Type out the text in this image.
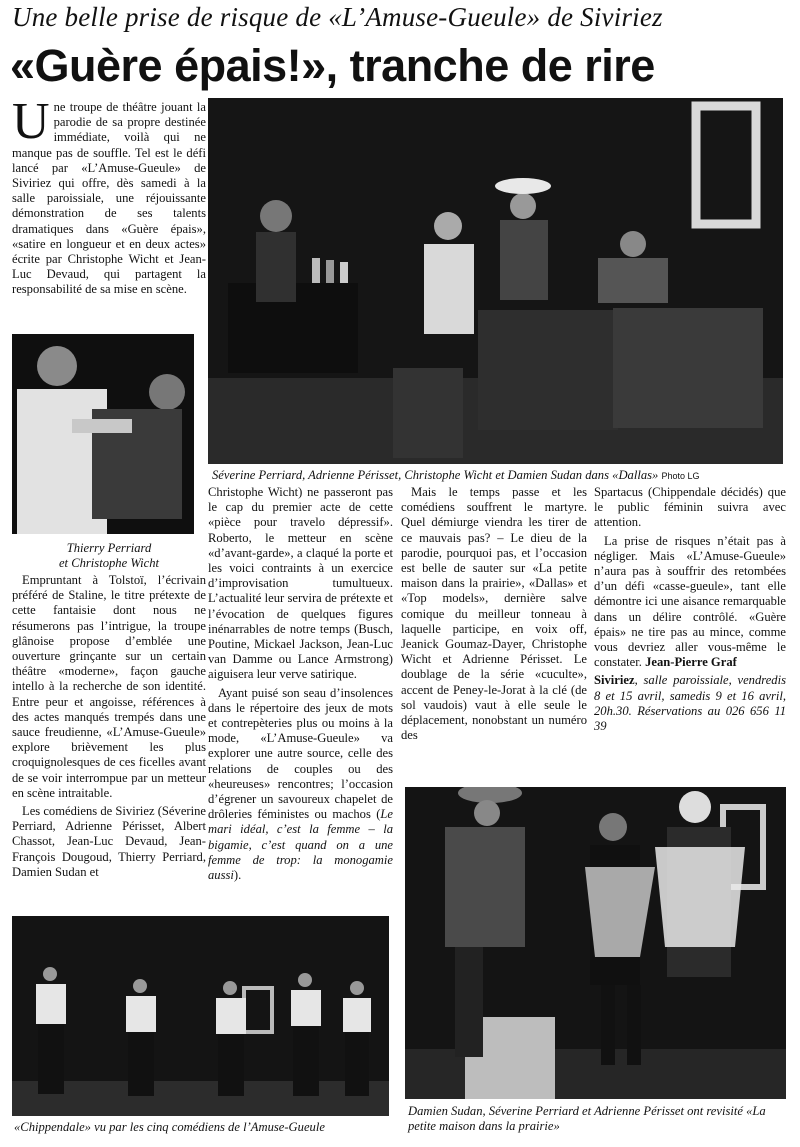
Une belle prise de risque de «L’Amuse-Gueule» de Siviriez
«Guère épais!», tranche de rire
Une troupe de théâtre jouant la parodie de sa propre destinée immédiate, voilà qui ne manque pas de souffle. Tel est le défi lancé par «L’Amuse-Gueule» de Siviriez qui offre, dès samedi à la salle paroissiale, une réjouissante démonstration de ses talents dramatiques dans «Guère épais», «satire en longueur et en deux actes» écrite par Christophe Wicht et Jean-Luc Devaud, qui partagent la responsabilité de sa mise en scène.
Séverine Perriard, Adrienne Périsset, Christophe Wicht et Damien Sudan dans «Dallas» Photo LG
Thierry Perriard
et Christophe Wicht

Empruntant à Tolstoï, l’écrivain préféré de Staline, le titre prétexte de cette fantaisie dont nous ne résumerons pas l’intrigue, la troupe glânoise propose d’emblée une ouverture grinçante sur un certain théâtre «moderne», façon gauche intello à la recherche de son identité. Entre peur et angoisse, références à des actes manqués trempés dans une sauce freudienne, «L’Amuse-Gueule» explore brièvement les plus croquignolesques de ces ficelles avant de se voir interrompue par un metteur en scène intraitable.

Les comédiens de Siviriez (Séverine Perriard, Adrienne Périsset, Albert Chassot, Jean-Luc Devaud, Jean-François Dougoud, Thierry Perriard, Damien Sudan et

Christophe Wicht) ne passeront pas le cap du premier acte de cette «pièce pour travelo dépressif». Roberto, le metteur en scène «d’avant-garde», a claqué la porte et les voici contraints à un exercice d’improvisation tumultueux. L’actualité leur servira de prétexte et l’évocation de quelques figures inénarrables de notre temps (Busch, Poutine, Mickael Jackson, Jean-Luc van Damme ou Lance Armstrong) aiguisera leur verve satirique.

Ayant puisé son seau d’insolences dans le répertoire des jeux de mots et contrepèteries plus ou moins à la mode, «L’Amuse-Gueule» va explorer une autre source, celle des relations de couples ou des «heureuses» rencontres; l’occasion d’égrener un savoureux chapelet de drôleries féministes ou machos (Le mari idéal, c’est la femme – la bigamie, c’est quand on a une femme de trop: la monogamie aussi).

Mais le temps passe et les comédiens souffrent le martyre. Quel démiurge viendra les tirer de ce mauvais pas? – Le dieu de la parodie, pourquoi pas, et l’occasion est belle de sauter sur «La petite maison dans la prairie», «Dallas» et «Top models», dernière salve comique du meilleur tonneau à laquelle participe, en voix off, Jeanick Goumaz-Dayer, Christophe Wicht et Adrienne Périsset. Le doublage de la série «cuculte», accent de Peney-le-Jorat à la clé (de sol vaudois) vaut à elle seule le déplacement, nonobstant un numéro des

Spartacus (Chippendale décidés) que le public féminin suivra avec attention.

La prise de risques n’était pas à négliger. Mais «L’Amuse-Gueule» n’aura pas à souffrir des retombées d’un défi «casse-gueule», tant elle démontre ici une aisance remarquable dans un délire contrôlé. «Guère épais» ne tire pas au mince, comme vous devriez aller vous-même le constater. Jean-Pierre Graf

Siviriez, salle paroissiale, vendredis 8 et 15 avril, samedis 9 et 16 avril, 20h.30. Réservations au 026 656 11 39

«Chippendale» vu par les cinq comédiens de l’Amuse-Gueule
Damien Sudan, Séverine Perriard et Adrienne Périsset ont revisité «La petite maison dans la prairie»
